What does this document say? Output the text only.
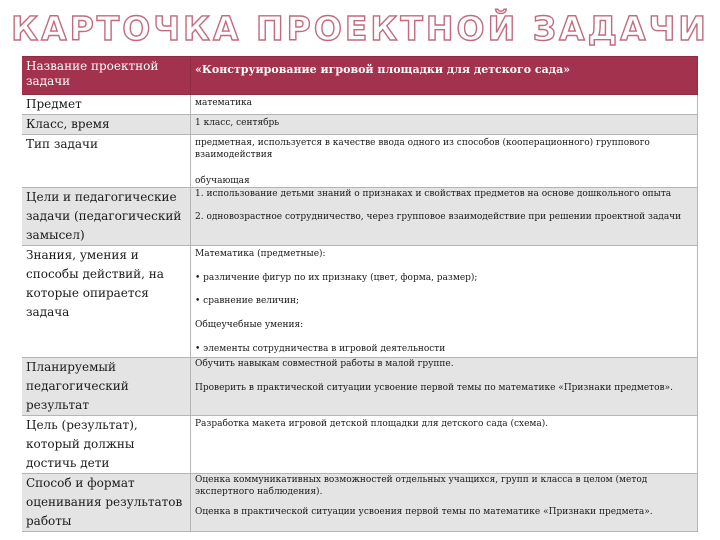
КАРТОЧКА ПРОЕКТНОЙ ЗАДАЧИ
Название проектной задачи	«Конструирование игровой площадки для детского сада»

Предмет	математика

Класс, время	1 класс, сентябрь

Тип задачи	предметная, используется в качестве ввода одного из способов (кооперационного) группового взаимодействия

обучающая

Цели и педагогические задачи (педагогический замысел)	1. использование детьми знаний о признаках и свойствах предметов на основе дошкольного опыта

2. одновозрастное сотрудничество, через групповое взаимодействие при решении проектной задачи

Знания, умения и способы действий, на которые опирается задача	Математика (предметные):

• различение фигур по их признаку (цвет, форма, размер);

• сравнение величин;

Общеучебные умения:

• элементы сотрудничества в игровой деятельности

Планируемый педагогический результат	Обучить навыкам совместной работы в малой группе.

Проверить в практической ситуации усвоение первой темы по математике «Признаки предметов».

Цель (результат), который должны достичь дети	Разработка макета игровой детской площадки для детского сада (схема).

Способ и формат оценивания результатов работы	Оценка коммуникативных возможностей отдельных учащихся, групп и класса в целом (метод экспертного наблюдения).

Оценка в практической ситуации усвоения первой темы по математике «Признаки предмета».
